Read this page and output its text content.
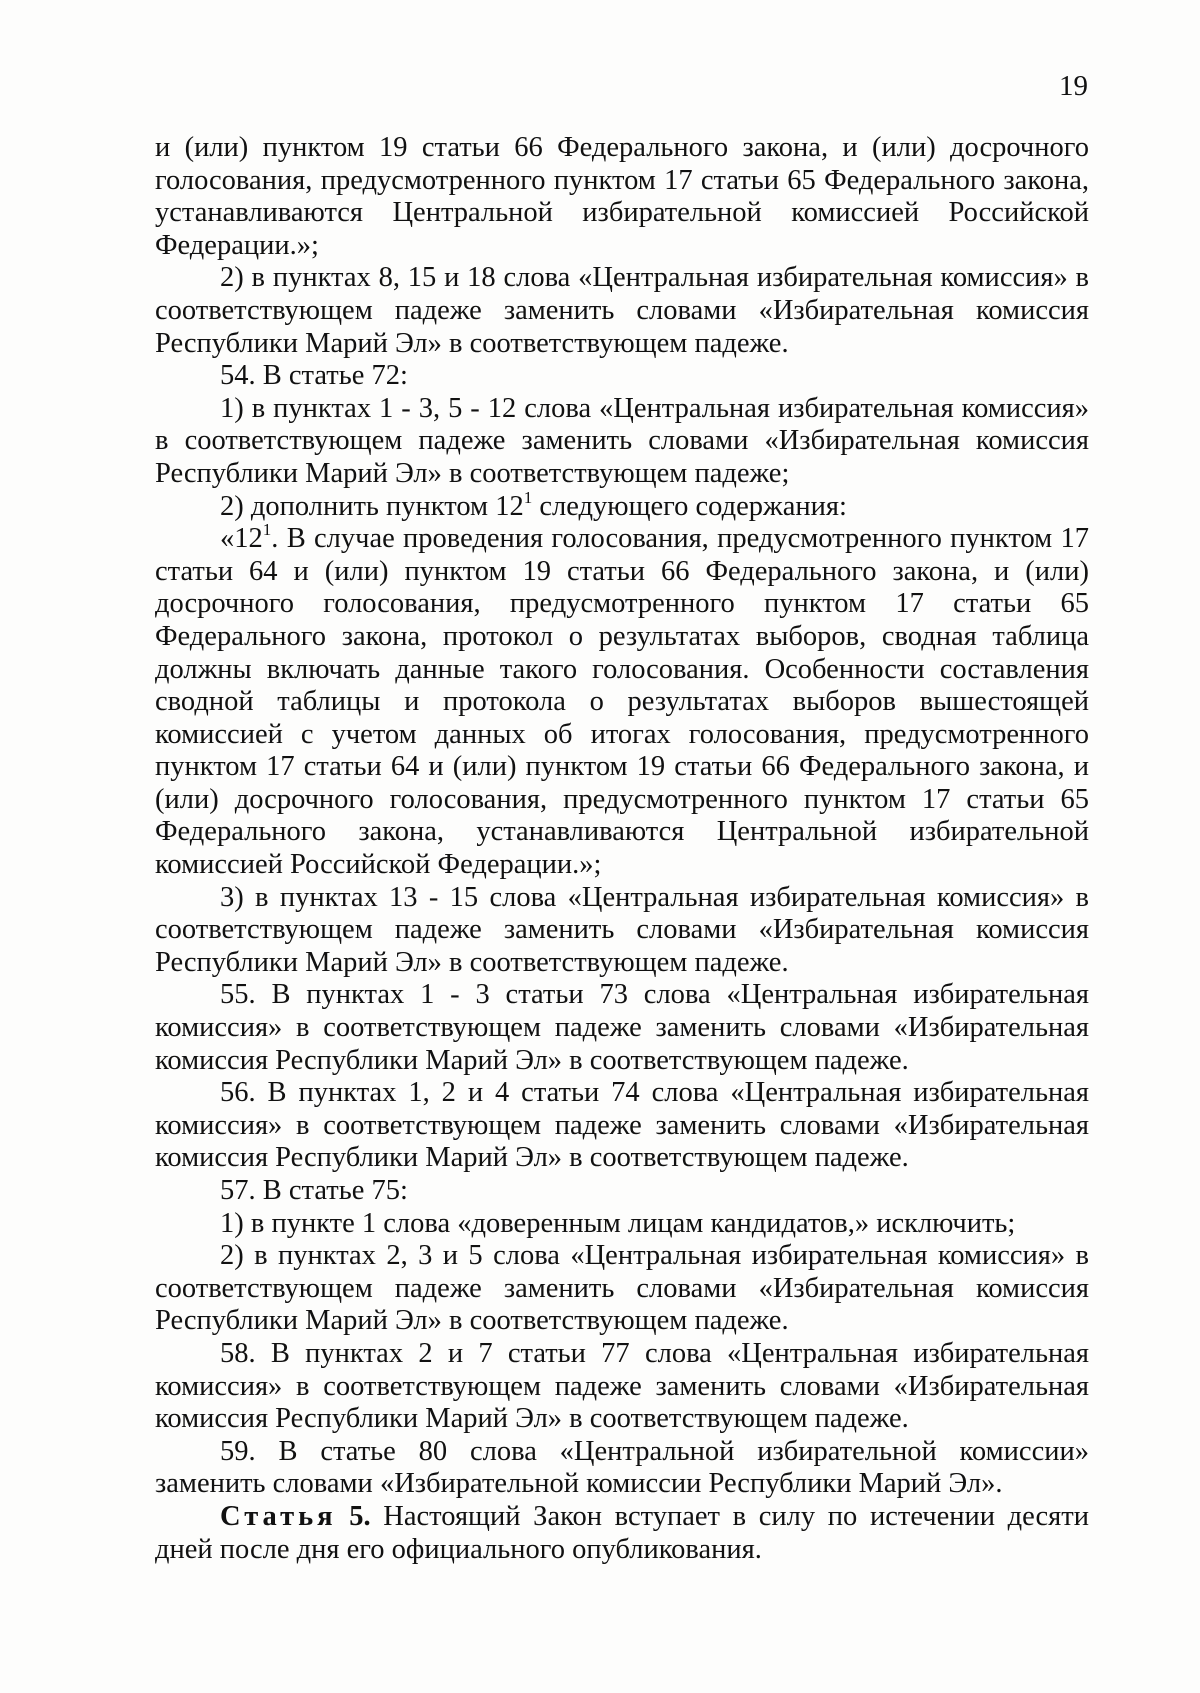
19

и (или) пунктом 19 статьи 66 Федерального закона, и (или) досрочного голосования, предусмотренного пунктом 17 статьи 65 Федерального закона, устанавливаются Центральной избирательной комиссией Российской Федерации.»;

2) в пунктах 8, 15 и 18 слова «Центральная избирательная комиссия» в соответствующем падеже заменить словами «Избирательная комиссия Республики Марий Эл» в соответствующем падеже.

54. В статье 72:

1) в пунктах 1 - 3, 5 - 12 слова «Центральная избирательная комиссия» в соответствующем падеже заменить словами «Избирательная комиссия Республики Марий Эл» в соответствующем падеже;

2) дополнить пунктом $12^1$ следующего содержания:

«$12^1$. В случае проведения голосования, предусмотренного пунктом 17 статьи 64 и (или) пунктом 19 статьи 66 Федерального закона, и (или) досрочного голосования, предусмотренного пунктом 17 статьи 65 Федерального закона, протокол о результатах выборов, сводная таблица должны включать данные такого голосования. Особенности составления сводной таблицы и протокола о результатах выборов вышестоящей комиссией с учетом данных об итогах голосования, предусмотренного пунктом 17 статьи 64 и (или) пунктом 19 статьи 66 Федерального закона, и (или) досрочного голосования, предусмотренного пунктом 17 статьи 65 Федерального закона, устанавливаются Центральной избирательной комиссией Российской Федерации.»;

3) в пунктах 13 - 15 слова «Центральная избирательная комиссия» в соответствующем падеже заменить словами «Избирательная комиссия Республики Марий Эл» в соответствующем падеже.

55. В пунктах 1 - 3 статьи 73 слова «Центральная избирательная комиссия» в соответствующем падеже заменить словами «Избирательная комиссия Республики Марий Эл» в соответствующем падеже.

56. В пунктах 1, 2 и 4 статьи 74 слова «Центральная избирательная комиссия» в соответствующем падеже заменить словами «Избирательная комиссия Республики Марий Эл» в соответствующем падеже.

57. В статье 75:

1) в пункте 1 слова «доверенным лицам кандидатов,» исключить;

2) в пунктах 2, 3 и 5 слова «Центральная избирательная комиссия» в соответствующем падеже заменить словами «Избирательная комиссия Республики Марий Эл» в соответствующем падеже.

58. В пунктах 2 и 7 статьи 77 слова «Центральная избирательная комиссия» в соответствующем падеже заменить словами «Избирательная комиссия Республики Марий Эл» в соответствующем падеже.

59. В статье 80 слова «Центральной избирательной комиссии» заменить словами «Избирательной комиссии Республики Марий Эл».

Статья 5. Настоящий Закон вступает в силу по истечении десяти дней после дня его официального опубликования.
